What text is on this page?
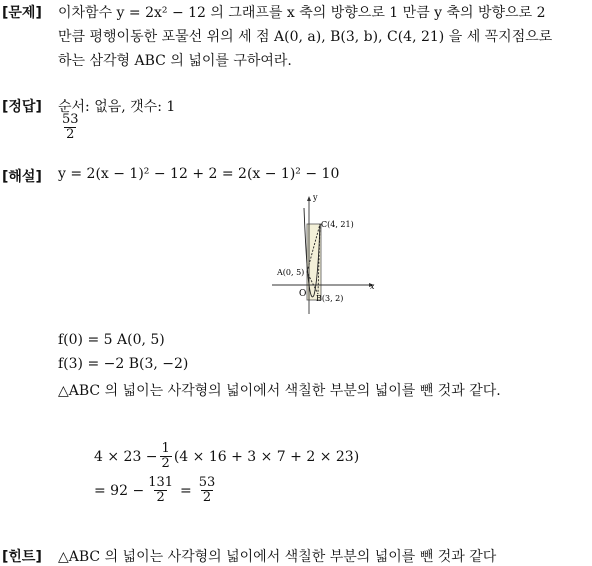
[문제] 이차함수 y = 2x² − 12 의 그래프를 x 축의 방향으로 1 만큼 y 축의 방향으로 2
만큼 평행이동한 포물선 위의 세 점 A(0, a), B(3, b), C(4, 21) 을 세 꼭지점으로
하는 삼각형 ABC 의 넓이를 구하여라.
[정답] 순서: 없음, 갯수: 1
$\frac{53}{2}$
[해설] y = 2(x − 1)² − 12 + 2 = 2(x − 1)² − 10
y
x
O
A(0, 5)
B(3, 2)
C(4, 21)
f(0) = 5 A(0, 5)
f(3) = −2 B(3, −2)
△ABC 의 넓이는 사각형의 넓이에서 색칠한 부분의 넓이를 뺀 것과 같다.
$4 \times 23 - \frac{1}{2} (4 \times 16 + 3 \times 7 + 2 \times 23)$
= $92 - \frac{131}{2} = \frac{53}{2}$
[힌트] △ABC 의 넓이는 사각형의 넓이에서 색칠한 부분의 넓이를 뺀 것과 같다
